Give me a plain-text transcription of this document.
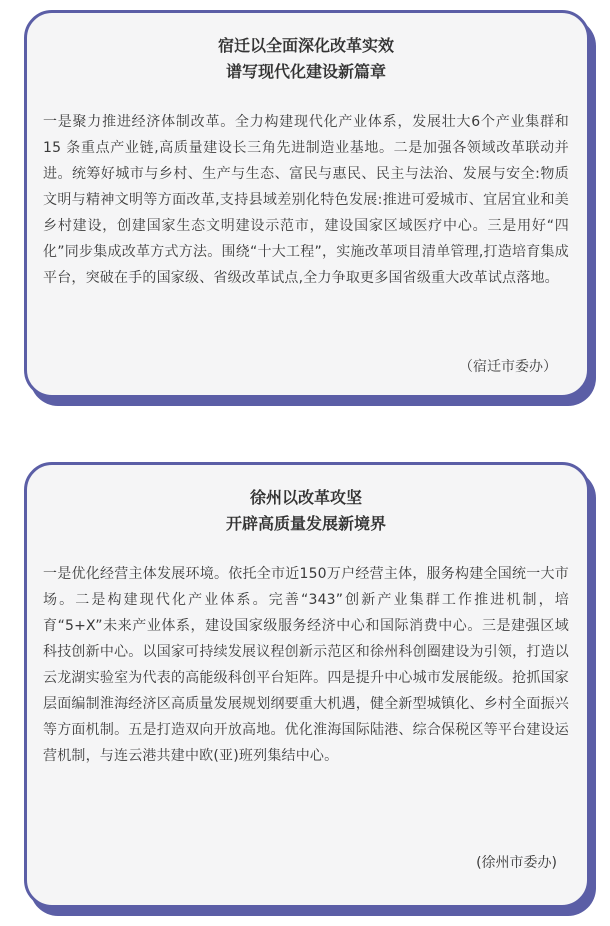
宿迁以全面深化改革实效
谱写现代化建设新篇章
一是聚力推进经济体制改革。全力构建现代化产业体系，发展壮大6个产业集群和 15 条重点产业链,高质量建设长三角先进制造业基地。二是加强各领域改革联动并进。统筹好城市与乡村、生产与生态、富民与惠民、民主与法治、发展与安全:物质文明与精神文明等方面改革,支持县域差别化特色发展:推进可爱城市、宜居宜业和美乡村建设，创建国家生态文明建设示范市，建设国家区域医疗中心。三是用好“四化”同步集成改革方式方法。围绕“十大工程”，实施改革项目清单管理,打造培育集成平台，突破在手的国家级、省级改革试点,全力争取更多国省级重大改革试点落地。
（宿迁市委办）
徐州以改革攻坚
开辟高质量发展新境界
一是优化经营主体发展环境。依托全市近150万户经营主体，服务构建全国统一大市场。二是构建现代化产业体系。完善“343”创新产业集群工作推进机制，培育“5+X”未来产业体系，建设国家级服务经济中心和国际消费中心。三是建强区域科技创新中心。以国家可持续发展议程创新示范区和徐州科创圈建设为引领，打造以云龙湖实验室为代表的高能级科创平台矩阵。四是提升中心城市发展能级。抢抓国家层面编制淮海经济区高质量发展规划纲要重大机遇，健全新型城镇化、乡村全面振兴等方面机制。五是打造双向开放高地。优化淮海国际陆港、综合保税区等平台建设运营机制，与连云港共建中欧(亚)班列集结中心。
(徐州市委办)
